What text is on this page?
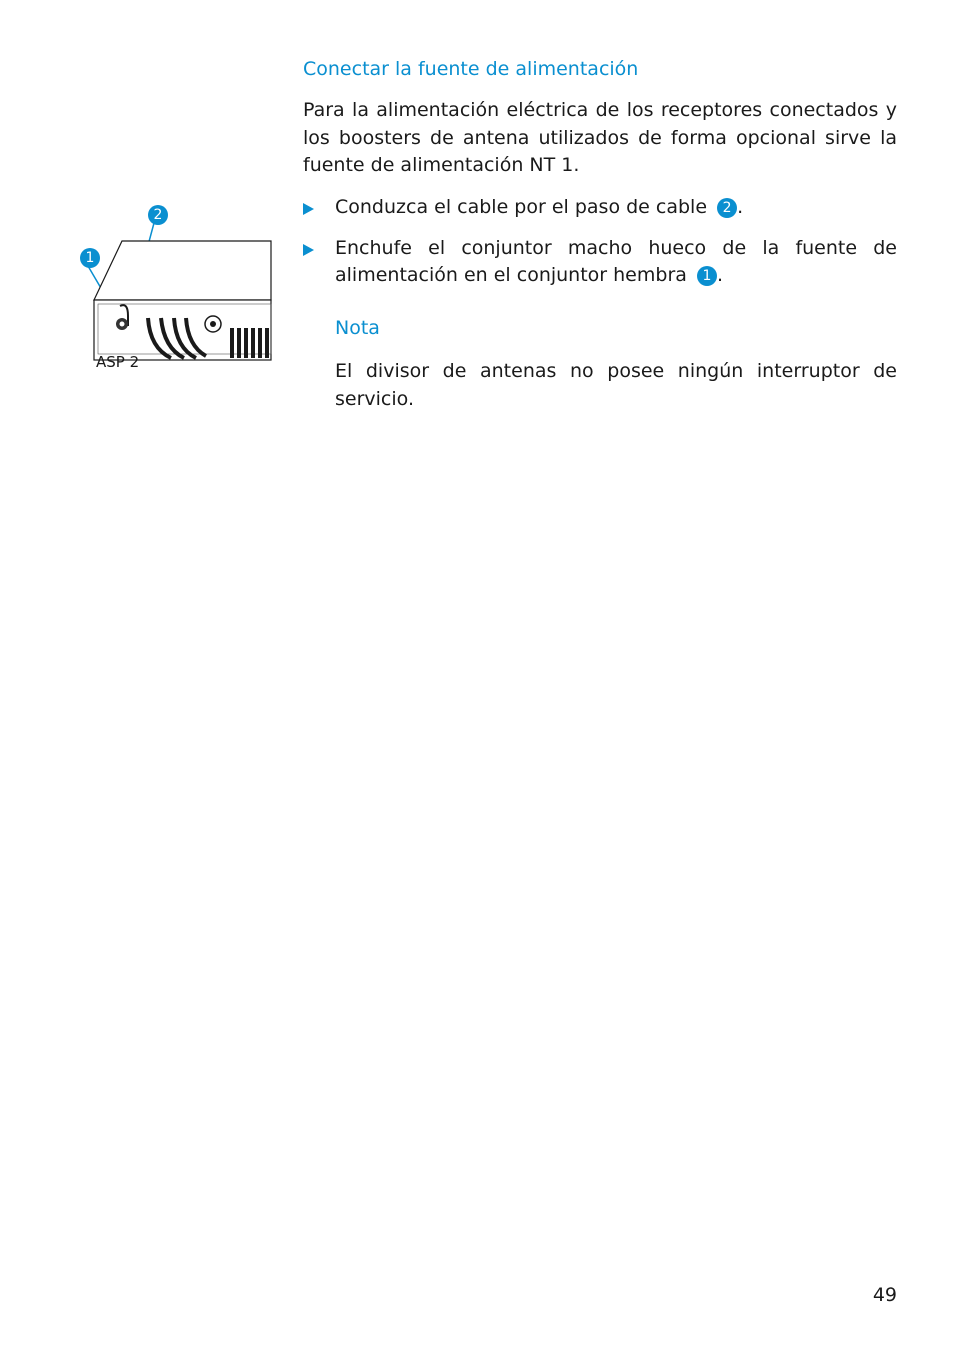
Conectar la fuente de alimentación

Para la alimentación eléctrica de los receptores conectados y los boosters de antena utilizados de forma opcional sirve la fuente de alimentación NT 1.

Conduzca el cable por el paso de cable 2 .
Enchufe el conjuntor macho hueco de la fuente de alimentación en el conjuntor hembra 1 .
Nota

El divisor de antenas no posee ningún interruptor de servicio.

2
1

ASP 2

49
